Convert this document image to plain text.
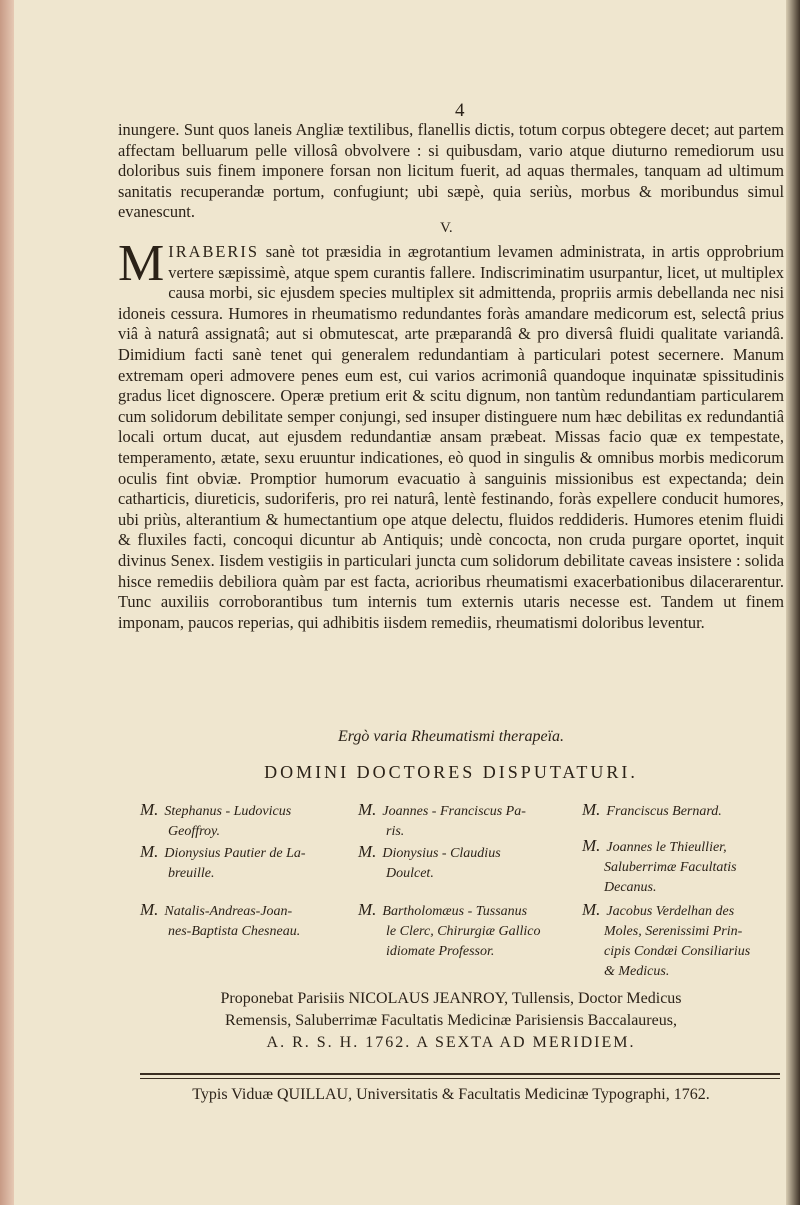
4
inungere. Sunt quos laneis Angliæ textilibus, flanellis dictis, totum corpus obtegere decet; aut partem affectam belluarum pelle villosâ obvolvere : si quibusdam, vario atque diuturno remediorum usu doloribus suis finem imponere forsan non licitum fuerit, ad aquas thermales, tanquam ad ultimum sanitatis recuperandæ portum, confugiunt; ubi sæpè, quia seriùs, morbus & moribundus simul evanescunt.
V.
MIRABERIS sanè tot præsidia in ægrotantium levamen administrata, in artis opprobrium vertere sæpissimè, atque spem curantis fallere. Indiscriminatim usurpantur, licet, ut multiplex causa morbi, sic ejusdem species multiplex sit admittenda, propriis armis debellanda nec nisi idoneis cessura. Humores in rheumatismo redundantes foràs amandare medicorum est, selectâ prius viâ à naturâ assignatâ; aut si obmutescat, arte præparandâ & pro diversâ fluidi qualitate variandâ. Dimidium facti sanè tenet qui generalem redundantiam à particulari potest secernere. Manum extremam operi admovere penes eum est, cui varios acrimoniâ quandoque inquinatæ spissitudinis gradus licet dignoscere. Operæ pretium erit & scitu dignum, non tantùm redundantiam particularem cum solidorum debilitate semper conjungi, sed insuper distinguere num hæc debilitas ex redundantiâ locali ortum ducat, aut ejusdem redundantiæ ansam præbeat. Missas facio quæ ex tempestate, temperamento, ætate, sexu eruuntur indicationes, eò quod in singulis & omnibus morbis medicorum oculis fint obviæ. Promptior humorum evacuatio à sanguinis missionibus est expectanda; dein catharticis, diureticis, sudoriferis, pro rei naturâ, lentè festinando, foràs expellere conducit humores, ubi priùs, alterantium & humectantium ope atque delectu, fluidos reddideris. Humores etenim fluidi & fluxiles facti, concoqui dicuntur ab Antiquis; undè concocta, non cruda purgare oportet, inquit divinus Senex. Iisdem vestigiis in particulari juncta cum solidorum debilitate caveas insistere : solida hisce remediis debiliora quàm par est facta, acrioribus rheumatismi exacerbationibus dilacerarentur. Tunc auxiliis corroborantibus tum internis tum externis utaris necesse est. Tandem ut finem imponam, paucos reperias, qui adhibitis iisdem remediis, rheumatismi doloribus leventur.
Ergò varia Rheumatismi therapeïa.
DOMINI DOCTORES DISPUTATURI.
M. Stephanus - Ludovicus
Geoffroy.
M. Dionysius Pautier de La-
breuille.
M. Natalis-Andreas-Joan-
nes-Baptista Chesneau.
M. Joannes - Franciscus Pa-
ris.
M. Dionysius - Claudius
Doulcet.
M. Bartholomæus - Tussanus
le Clerc, Chirurgiæ Gallico
idiomate Professor.
M. Franciscus Bernard.
M. Joannes le Thieullier,
Saluberrimæ Facultatis
Decanus.
M. Jacobus Verdelhan des
Moles, Serenissimi Prin-
cipis Condæi Consiliarius
& Medicus.
Proponebat Parisiis NICOLAUS JEANROY, Tullensis, Doctor Medicus
Remensis, Saluberrimæ Facultatis Medicinæ Parisiensis Baccalaureus,
A. R. S. H. 1762. A SEXTA AD MERIDIEM.
Typis Viduæ QUILLAU, Universitatis & Facultatis Medicinæ Typographi, 1762.
